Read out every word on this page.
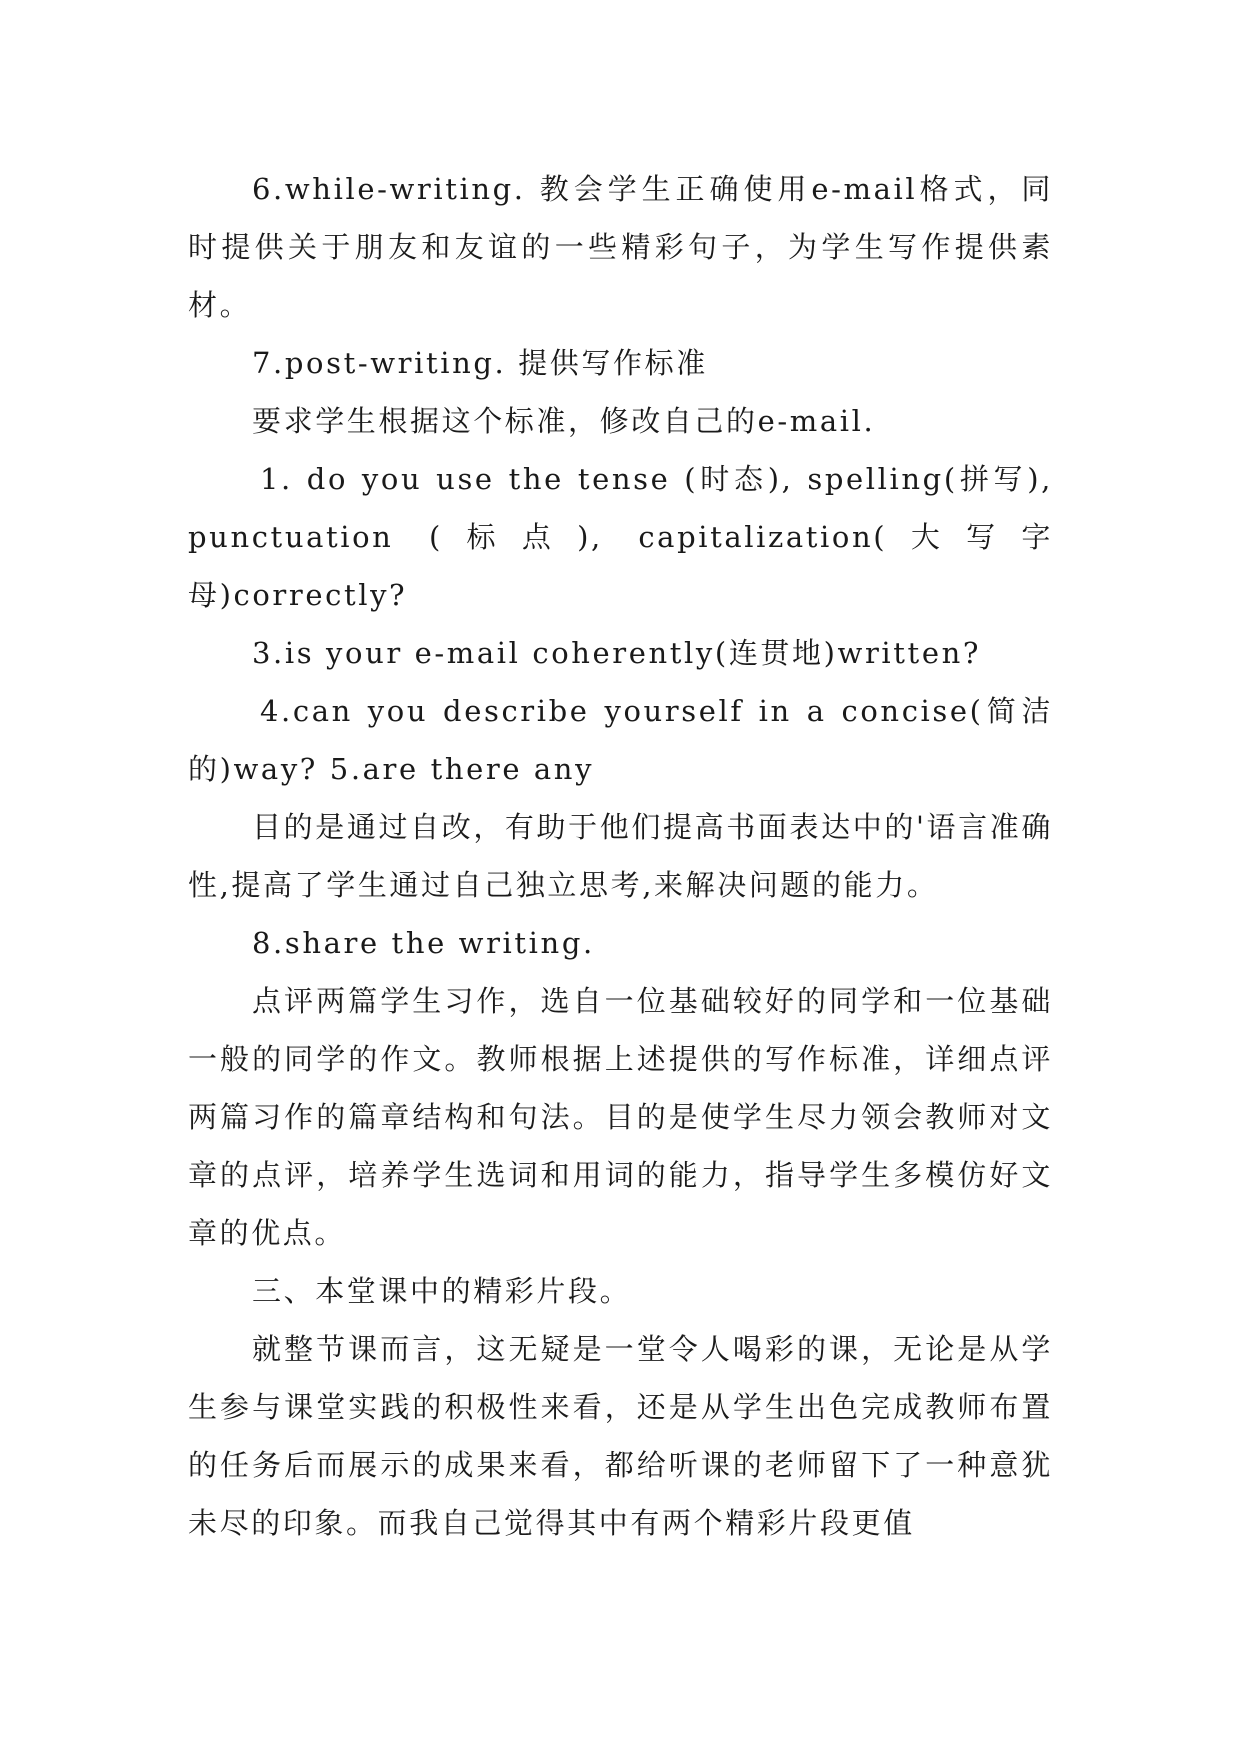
6.while-writing. 教会学生正确使用e-mail格式，同时提供关于朋友和友谊的一些精彩句子，为学生写作提供素材。

7.post-writing. 提供写作标准

要求学生根据这个标准，修改自己的e-mail.

1. do you use the tense (时态), spelling(拼写), punctuation (标点), capitalization(大写字母)correctly?

3.is your e-mail coherently(连贯地)written?

4.can you describe yourself in a concise(简洁的)way? 5.are there any

目的是通过自改，有助于他们提高书面表达中的'语言准确性,提高了学生通过自己独立思考,来解决问题的能力。

8.share the writing.

点评两篇学生习作，选自一位基础较好的同学和一位基础一般的同学的作文。教师根据上述提供的写作标准，详细点评两篇习作的篇章结构和句法。目的是使学生尽力领会教师对文章的点评，培养学生选词和用词的能力，指导学生多模仿好文章的优点。

三、本堂课中的精彩片段。

就整节课而言，这无疑是一堂令人喝彩的课，无论是从学生参与课堂实践的积极性来看，还是从学生出色完成教师布置的任务后而展示的成果来看，都给听课的老师留下了一种意犹未尽的印象。而我自己觉得其中有两个精彩片段更值
